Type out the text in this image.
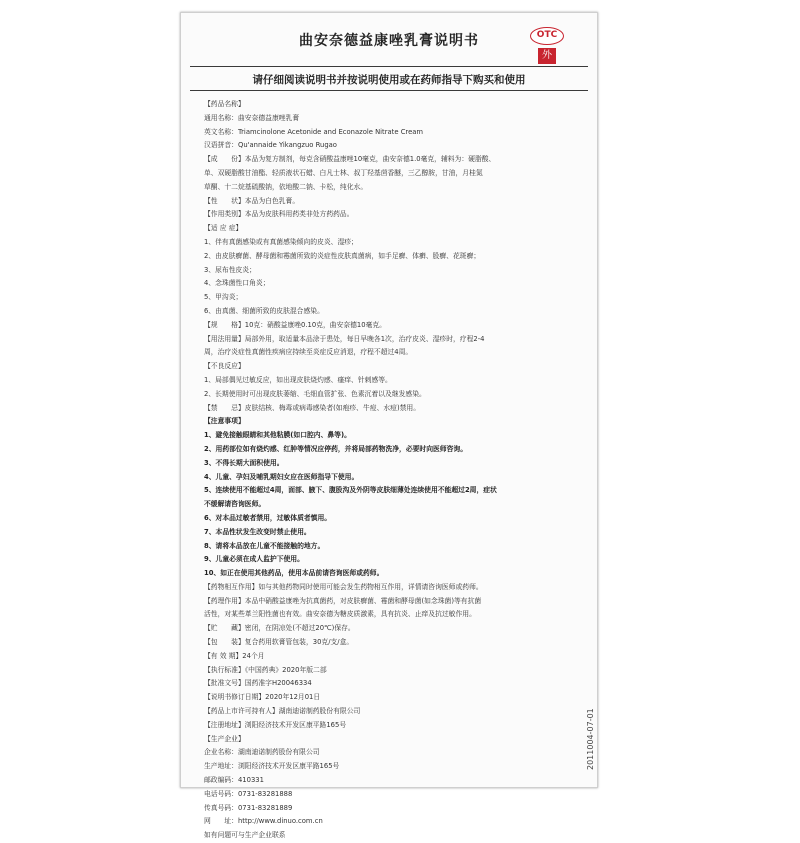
曲安奈德益康唑乳膏说明书	OTC
外
请仔细阅读说明书并按说明使用或在药师指导下购买和使用
【药品名称】
通用名称：曲安奈德益康唑乳膏
英文名称：Triamcinolone Acetonide and Econazole Nitrate Cream
汉语拼音：Qu'annaide Yikangzuo Rugao
【成　　份】本品为复方制剂，每克含硝酸益康唑10毫克，曲安奈德1.0毫克，辅料为：硬脂酸、
单、双硬脂酸甘油酯、轻质液状石蜡、白凡士林、叔丁羟基茴香醚，三乙醇胺，甘油，月桂氮
草酮、十二烷基硫酸钠，依地酸二钠、卡松，纯化水。
【性　　状】本品为白色乳膏。
【作用类别】本品为皮肤科用药类非处方药药品。
【适 应 症】
1、伴有真菌感染或有真菌感染倾向的皮炎、湿疹；
2、由皮肤癣菌、酵母菌和霉菌所致的炎症性皮肤真菌病，如手足癣、体癣、股癣、花斑癣；
3、尿布性皮炎；
4、念珠菌性口角炎；
5、甲沟炎；
6、由真菌、细菌所致的皮肤混合感染。
【规　　格】10克：硝酸益康唑0.10克，曲安奈德10毫克。
【用法用量】局部外用，取适量本品涂于患处，每日早晚各1次，治疗皮炎、湿疹时，疗程2-4
周，治疗炎症性真菌性疾病应持续至炎症反应消退，疗程不超过4周。
【不良反应】
1、局部偶见过敏反应，如出现皮肤烧灼感、瘙痒、针刺感等。
2、长期使用时可出现皮肤萎缩、毛细血管扩张、色素沉着以及继发感染。
【禁　　忌】皮肤结核、梅毒或病毒感染者(如疱疹、牛痘、水痘)禁用。
【注意事项】
1、避免接触眼睛和其他粘膜(如口腔内、鼻等)。
2、用药部位如有烧灼感、红肿等情况应停药，并将局部药物洗净，必要时向医师咨询。
3、不得长期大面积使用。
4、儿童、孕妇及哺乳期妇女应在医师指导下使用。
5、连续使用不能超过4周，面部、腋下、腹股沟及外阴等皮肤细薄处连续使用不能超过2周，症状
不缓解请咨询医师。
6、对本品过敏者禁用，过敏体质者慎用。
7、本品性状发生改变时禁止使用。
8、请将本品放在儿童不能接触的地方。
9、儿童必须在成人监护下使用。
10、如正在使用其他药品，使用本品前请咨询医师或药师。
【药物相互作用】如与其他药物同时使用可能会发生药物相互作用，详情请咨询医师或药师。
【药理作用】本品中硝酸益康唑为抗真菌药，对皮肤癣菌、霉菌和酵母菌(如念珠菌)等有抗菌
活性，对某些革兰阳性菌也有效。曲安奈德为糖皮质激素，具有抗炎、止痒及抗过敏作用。
【贮　　藏】密闭，在阴凉处(不超过20℃)保存。
【包　　装】复合药用软膏管包装，30克/支/盒。
【有 效 期】24个月
【执行标准】《中国药典》2020年版二部
【批准文号】国药准字H20046334
【说明书修订日期】2020年12月01日
【药品上市许可持有人】湖南迪诺制药股份有限公司
【注册地址】浏阳经济技术开发区康平路165号
【生产企业】
企业名称：湖南迪诺制药股份有限公司
生产地址：浏阳经济技术开发区康平路165号
邮政编码：410331
电话号码：0731-83281888
传真号码：0731-83281889
网　　址：http://www.dinuo.com.cn
如有问题可与生产企业联系
2011004-07-01
